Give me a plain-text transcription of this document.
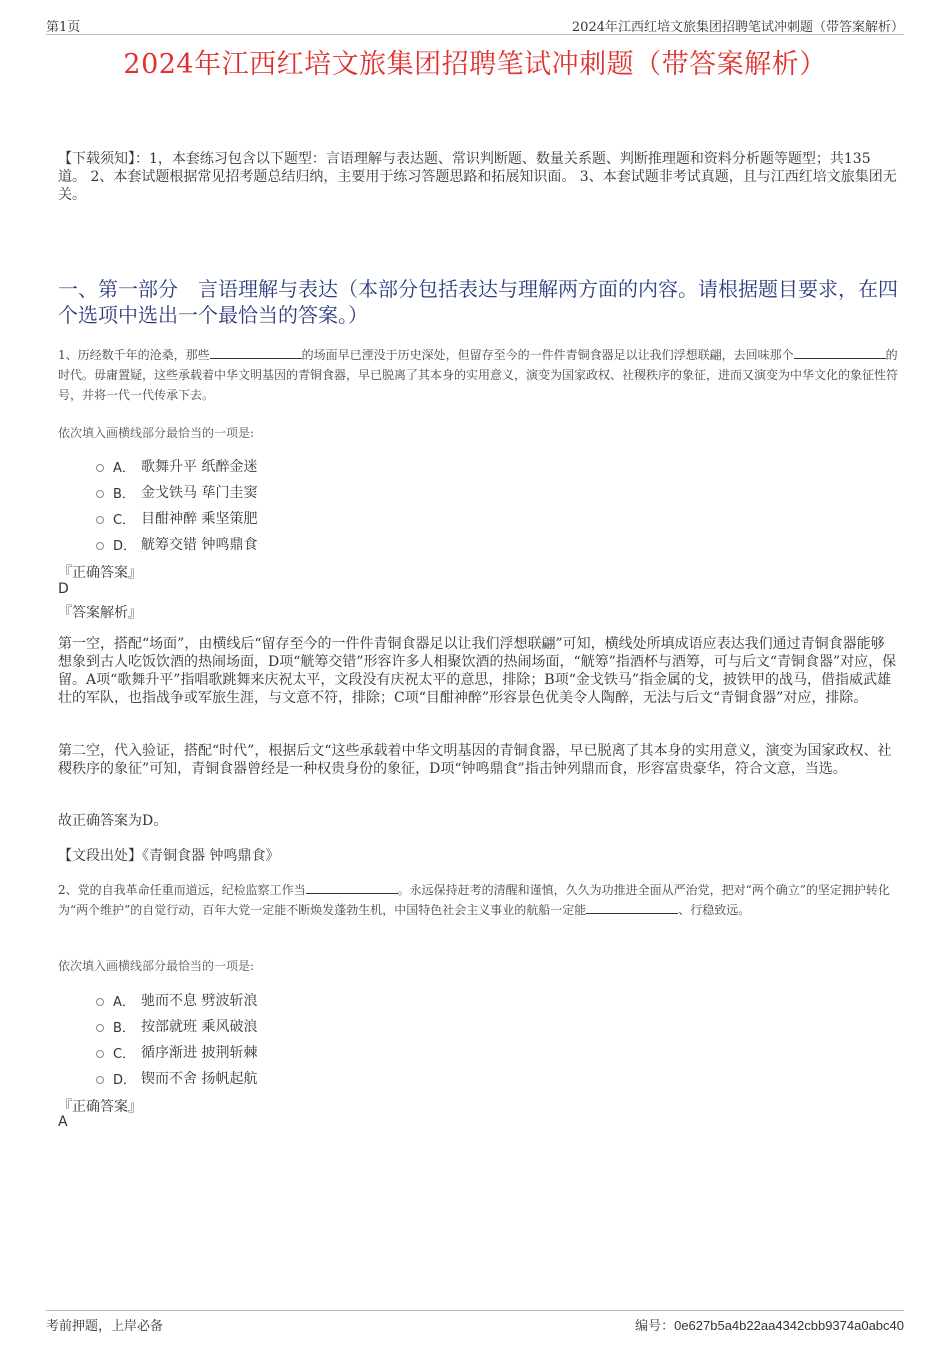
第1页	2024年江西红培文旅集团招聘笔试冲刺题（带答案解析）
2024年江西红培文旅集团招聘笔试冲刺题（带答案解析）
【下载须知】：1，本套练习包含以下题型：言语理解与表达题、常识判断题、数量关系题、判断推理题和资料分析题等题型；共135道。 2、本套试题根据常见招考题总结归纳，主要用于练习答题思路和拓展知识面。 3、本套试题非考试真题，且与江西红培文旅集团无关。
一、第一部分　言语理解与表达（本部分包括表达与理解两方面的内容。请根据题目要求，在四个选项中选出一个最恰当的答案。）
1、历经数千年的沧桑，那些	的场面早已湮没于历史深处，但留存至今的一件件青铜食器足以让我们浮想联翩，去回味那个	的时代。毋庸置疑，这些承载着中华文明基因的青铜食器，早已脱离了其本身的实用意义，演变为国家政权、社稷秩序的象征，进而又演变为中华文化的象征性符号，并将一代一代传承下去。
依次填入画横线部分最恰当的一项是:
A． 歌舞升平 纸醉金迷
B． 金戈铁马 荜门圭窦
C． 目酣神醉 乘坚策肥
D． 觥筹交错 钟鸣鼎食
『正确答案』
D
『答案解析』
第一空，搭配“场面”，由横线后“留存至今的一件件青铜食器足以让我们浮想联翩”可知，横线处所填成语应表达我们通过青铜食器能够想象到古人吃饭饮酒的热闹场面，D项“觥筹交错”形容许多人相聚饮酒的热闹场面，“觥筹”指酒杯与酒筹，可与后文“青铜食器”对应，保留。A项“歌舞升平”指唱歌跳舞来庆祝太平，文段没有庆祝太平的意思，排除；B项“金戈铁马”指金属的戈，披铁甲的战马，借指威武雄壮的军队，也指战争或军旅生涯，与文意不符，排除；C项“目酣神醉”形容景色优美令人陶醉，无法与后文“青铜食器”对应，排除。
第二空，代入验证，搭配“时代”，根据后文“这些承载着中华文明基因的青铜食器，早已脱离了其本身的实用意义，演变为国家政权、社稷秩序的象征”可知，青铜食器曾经是一种权贵身份的象征，D项“钟鸣鼎食”指击钟列鼎而食，形容富贵豪华，符合文意，当选。
故正确答案为D。
【文段出处】《青铜食器 钟鸣鼎食》
2、党的自我革命任重而道远，纪检监察工作当	。永远保持赶考的清醒和谨慎，久久为功推进全面从严治党，把对“两个确立”的坚定拥护转化为“两个维护”的自觉行动，百年大党一定能不断焕发蓬勃生机，中国特色社会主义事业的航船一定能	、行稳致远。
依次填入画横线部分最恰当的一项是:
A． 驰而不息 劈波斩浪
B． 按部就班 乘风破浪
C． 循序渐进 披荆斩棘
D． 锲而不舍 扬帆起航
『正确答案』
A
考前押题，上岸必备	编号：0e627b5a4b22aa4342cbb9374a0abc40
